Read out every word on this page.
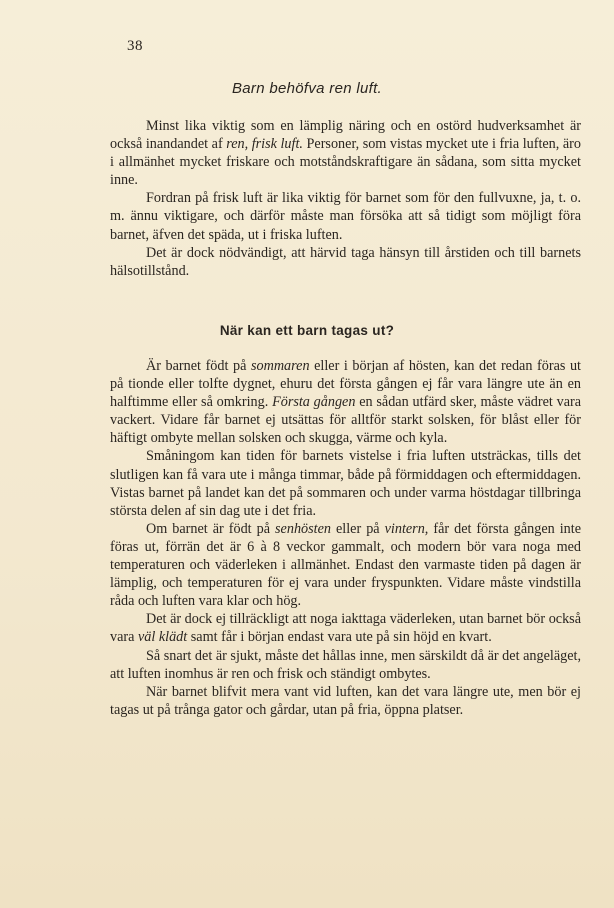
38
Barn behöfva ren luft.

Minst lika viktig som en lämplig näring och en ostörd hudverksamhet är också inandandet af ren, frisk luft. Personer, som vistas mycket ute i fria luften, äro i allmänhet mycket friskare och motståndskraftigare än sådana, som sitta mycket inne.

Fordran på frisk luft är lika viktig för barnet som för den fullvuxne, ja, t. o. m. ännu viktigare, och därför måste man försöka att så tidigt som möjligt föra barnet, äfven det späda, ut i friska luften.

Det är dock nödvändigt, att härvid taga hänsyn till årstiden och till barnets hälsotillstånd.

När kan ett barn tagas ut?

Är barnet födt på sommaren eller i början af hösten, kan det redan föras ut på tionde eller tolfte dygnet, ehuru det första gången ej får vara längre ute än en halftimme eller så omkring. Första gången en sådan utfärd sker, måste vädret vara vackert. Vidare får barnet ej utsättas för alltför starkt solsken, för blåst eller för häftigt ombyte mellan solsken och skugga, värme och kyla.

Småningom kan tiden för barnets vistelse i fria luften utsträckas, tills det slutligen kan få vara ute i många timmar, både på förmiddagen och eftermiddagen. Vistas barnet på landet kan det på sommaren och under varma höstdagar tillbringa största delen af sin dag ute i det fria.

Om barnet är födt på senhösten eller på vintern, får det första gången inte föras ut, förrän det är 6 à 8 veckor gammalt, och modern bör vara noga med temperaturen och väderleken i allmänhet. Endast den varmaste tiden på dagen är lämplig, och temperaturen för ej vara under fryspunkten. Vidare måste vindstilla råda och luften vara klar och hög.

Det är dock ej tillräckligt att noga iakttaga väderleken, utan barnet bör också vara väl klädt samt får i början endast vara ute på sin höjd en kvart.

Så snart det är sjukt, måste det hållas inne, men särskildt då är det angeläget, att luften inomhus är ren och frisk och ständigt ombytes.

När barnet blifvit mera vant vid luften, kan det vara längre ute, men bör ej tagas ut på trånga gator och gårdar, utan på fria, öppna platser.
